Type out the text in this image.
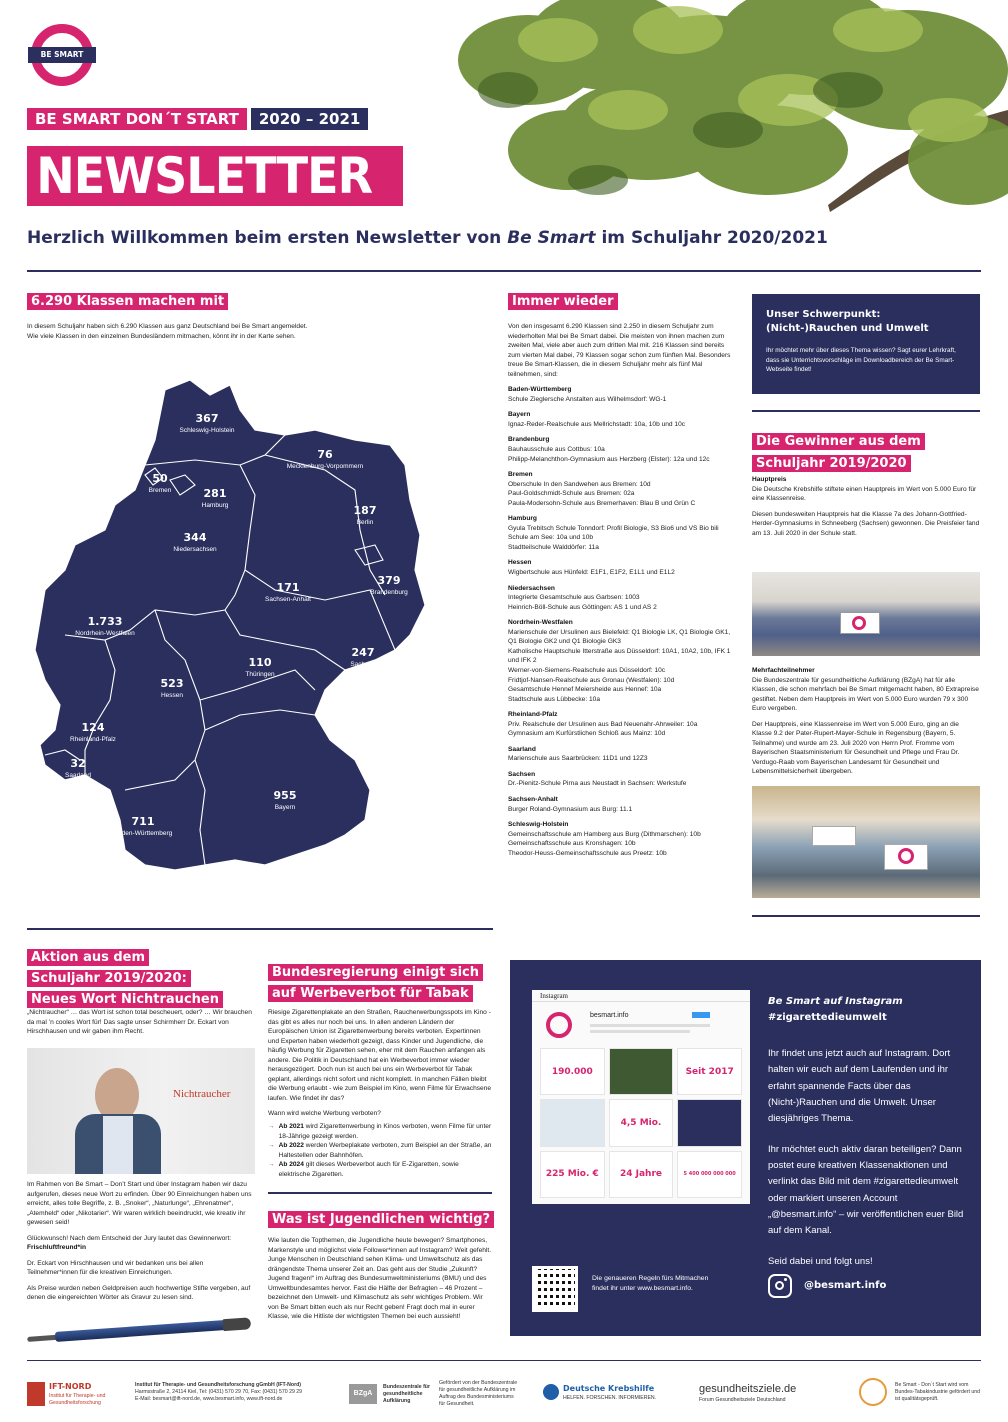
BE SMART
BE SMART DON´T START 2020 – 2021
NEWSLETTER
Herzlich Willkommen beim ersten Newsletter von Be Smart im Schuljahr 2020/2021
6.290 Klassen machen mit
In diesem Schuljahr haben sich 6.290 Klassen aus ganz Deutschland bei Be Smart angemeldet.
Wie viele Klassen in den einzelnen Bundesländern mitmachen, könnt ihr in der Karte sehen.
367
Schleswig-Holstein
76
Mecklenburg-Vorpommern
50
Bremen	281
Hamburg	187
Berlin
344
Niedersachsen
171
Sachsen-Anhalt
379
Brandenburg
1.733
Nordrhein-Westfalen
247
Sachsen
110
Thüringen
523
Hessen
124
Rheinland-Pfalz
32
Saarland
955
Bayern
711
Baden-Württemberg
Immer wieder

Von den insgesamt 6.290 Klassen sind 2.250 in diesem Schuljahr zum wiederholten Mal bei Be Smart dabei. Die meisten von ihnen machen zum zweiten Mal, viele aber auch zum dritten Mal mit. 216 Klassen sind bereits zum vierten Mal dabei, 79 Klassen sogar schon zum fünften Mal. Besonders treue Be Smart-Klassen, die in diesem Schuljahr mehr als fünf Mal teilnehmen, sind:

Baden-Württemberg
Schule Zieglersche Anstalten aus Wilhelmsdorf: WG-1
Bayern
Ignaz-Reder-Realschule aus Mellrichstadt: 10a, 10b und 10c
Brandenburg
Bauhausschule aus Cottbus: 10a
Philipp-Melanchthon-Gymnasium aus Herzberg (Elster): 12a und 12c
Bremen
Oberschule In den Sandwehen aus Bremen: 10d
Paul-Goldschmidt-Schule aus Bremen: 02a
Paula-Modersohn-Schule aus Bremerhaven: Blau B und Grün C
Hamburg
Gyula Trebitsch Schule Tonndorf: Profil Biologie, S3 Bio6 und VS Bio bili
Schule am See: 10a und 10b
Stadtteilschule Walddörfer: 11a
Hessen
Wigbertschule aus Hünfeld: E1F1, E1F2, E1L1 und E1L2
Niedersachsen
Integrierte Gesamtschule aus Garbsen: 1003
Heinrich-Böll-Schule aus Göttingen: AS 1 und AS 2
Nordrhein-Westfalen
Marienschule der Ursulinen aus Bielefeld: Q1 Biologie LK, Q1 Biologie GK1, Q1 Biologie GK2 und Q1 Biologie GK3
Katholische Hauptschule Itterstraße aus Düsseldorf: 10A1, 10A2, 10b, IFK 1 und IFK 2
Werner-von-Siemens-Realschule aus Düsseldorf: 10c
Fridtjof-Nansen-Realschule aus Gronau (Westfalen): 10d
Gesamtschule Hennef Meiersheide aus Hennef: 10a
Stadtschule aus Lübbecke: 10a
Rheinland-Pfalz
Priv. Realschule der Ursulinen aus Bad Neuenahr-Ahrweiler: 10a
Gymnasium am Kurfürstlichen Schloß aus Mainz: 10d
Saarland
Marienschule aus Saarbrücken: 11D1 und 12Z3
Sachsen
Dr.-Pienitz-Schule Pirna aus Neustadt in Sachsen: Werkstufe
Sachsen-Anhalt
Burger Roland-Gymnasium aus Burg: 11.1
Schleswig-Holstein
Gemeinschaftsschule am Hamberg aus Burg (Dithmarschen): 10b
Gemeinschaftsschule aus Kronshagen: 10b
Theodor-Heuss-Gemeinschaftsschule aus Preetz: 10b
Unser Schwerpunkt:
(Nicht-)Rauchen und Umwelt
Ihr möchtet mehr über dieses Thema wissen? Sagt eurer Lehrkraft, dass sie Unterrichtsvorschläge im Downloadbereich der Be Smart-Webseite findet!
Die Gewinner aus dem
Schuljahr 2019/2020
Hauptpreis

Die Deutsche Krebshilfe stiftete einen Hauptpreis im Wert von 5.000 Euro für eine Klassenreise.

Diesen bundesweiten Hauptpreis hat die Klasse 7a des Johann-Gottfried-Herder-Gymnasiums in Schneeberg (Sachsen) gewonnen. Die Preisfeier fand am 13. Juli 2020 in der Schule statt.

Mehrfachteilnehmer

Die Bundeszentrale für gesundheitliche Aufklärung (BZgA) hat für alle Klassen, die schon mehrfach bei Be Smart mitgemacht haben, 80 Extrapreise gestiftet. Neben dem Hauptpreis im Wert von 5.000 Euro wurden 79 x 300 Euro vergeben.

Der Hauptpreis, eine Klassenreise im Wert von 5.000 Euro, ging an die Klasse 9.2 der Pater-Rupert-Mayer-Schule in Regensburg (Bayern, 5. Teilnahme) und wurde am 23. Juli 2020 von Herrn Prof. Fromme vom Bayerischen Staatsministerium für Gesundheit und Pflege und Frau Dr. Verdugo-Raab vom Bayerischen Landesamt für Gesundheit und Lebensmittelsicherheit übergeben.

Aktion aus dem
Schuljahr 2019/2020:
Neues Wort Nichtrauchen
„Nichtraucher“ … das Wort ist schon total bescheuert, oder? … Wir brauchen da mal ’n cooles Wort für! Das sagte unser Schirmherr Dr. Eckart von Hirschhausen und wir gaben ihm Recht.
Nichtraucher

Im Rahmen von Be Smart – Don’t Start und über Instagram haben wir dazu aufgerufen, dieses neue Wort zu erfinden. Über 90 Einreichungen haben uns erreicht, alles tolle Begriffe, z. B. „Snoker“, „Naturlunge“, „Ehrenatmer“, „Atemheld“ oder „Nikotarier“. Wir waren wirklich beeindruckt, wie kreativ ihr gewesen seid!

Glückwunsch! Nach dem Entscheid der Jury lautet das Gewinnerwort:
Frischluftfreund*in

Dr. Eckart von Hirschhausen und wir bedanken uns bei allen Teilnehmer*innen für die kreativen Einreichungen.

Als Preise wurden neben Geldpreisen auch hochwertige Stifte vergeben, auf denen die eingereichten Wörter als Gravur zu lesen sind.

Bundesregierung einigt sich
auf Werbeverbot für Tabak

Riesige Zigarettenplakate an den Straßen, Raucherwerbungsspots im Kino - das gibt es alles nur noch bei uns. In allen anderen Ländern der Europäischen Union ist Zigarettenwerbung bereits verboten. Expertinnen und Experten haben wiederholt gezeigt, dass Kinder und Jugendliche, die häufig Werbung für Zigaretten sehen, eher mit dem Rauchen anfangen als andere. Die Politik in Deutschland hat ein Werbeverbot immer wieder herausgezögert. Doch nun ist auch bei uns ein Werbeverbot für Tabak geplant, allerdings nicht sofort und nicht komplett. In manchen Fällen bleibt die Werbung erlaubt - wie zum Beispiel im Kino, wenn Filme für Erwachsene laufen. Wie findet ihr das?

Wann wird welche Werbung verboten?

→ Ab 2021 wird Zigarettenwerbung in Kinos verboten, wenn Filme für unter 18-Jährige gezeigt werden.
→ Ab 2022 werden Werbeplakate verboten, zum Beispiel an der Straße, an Haltestellen oder Bahnhöfen.
→ Ab 2024 gilt dieses Werbeverbot auch für E-Zigaretten, sowie elektrische Zigaretten.
Was ist Jugendlichen wichtig?
Wie lauten die Topthemen, die Jugendliche heute bewegen? Smartphones, Markenstyle und möglichst viele Follower*innen auf Instagram? Weit gefehlt. Junge Menschen in Deutschland sehen Klima- und Umweltschutz als das drängendste Thema unserer Zeit an. Das geht aus der Studie „Zukunft? Jugend fragen!“ im Auftrag des Bundesumweltministeriums (BMU) und des Umweltbundesamtes hervor. Fast die Hälfte der Befragten – 46 Prozent – bezeichnet den Umwelt- und Klimaschutz als sehr wichtiges Problem. Wir von Be Smart bitten euch als nur Recht geben! Fragt doch mal in eurer Klasse, wie die Hitliste der wichtigsten Themen bei euch aussieht!
Instagram
besmart.info
190.000	Seit 2017
4,5 Mio.
225 Mio. €	24 Jahre	5 400 000 000 000
Die genaueren Regeln fürs Mitmachen findet ihr unter www.besmart.info.
Be Smart auf Instagram
#zigarettedieumwelt

Ihr findet uns jetzt auch auf Instagram. Dort halten wir euch auf dem Laufenden und ihr erfahrt spannende Facts über das (Nicht-)Rauchen und die Umwelt. Unser diesjähriges Thema.

Ihr möchtet euch aktiv daran beteiligen? Dann postet eure kreativen Klassenaktionen und verlinkt das Bild mit dem #zigarettedieumwelt oder markiert unseren Account „@besmart.info“ – wir veröffentlichen euer Bild auf dem Kanal.

Seid dabei und folgt uns!

@besmart.info
IFT-NORD
Institut für Therapie- und Gesundheitsforschung
Institut für Therapie- und Gesundheitsforschung gGmbH (IFT-Nord)
Harmsstraße 2, 24114 Kiel, Tel: (0431) 570 29 70, Fax: (0431) 570 29 29
E-Mail: besmart@ift-nord.de, www.besmart.info, www.ift-nord.de
BZgA
Bundeszentrale für gesundheitliche Aufklärung
Gefördert von der Bundeszentrale für gesundheitliche Aufklärung im Auftrag des Bundesministeriums für Gesundheit.
Deutsche Krebshilfe
HELFEN. FORSCHEN. INFORMIEREN.
gesundheitsziele.de
Forum Gesundheitsziele Deutschland
Be Smart - Don´t Start wird vom Bundes-Tabakindustrie gefördert und ist qualitätsgeprüft.
